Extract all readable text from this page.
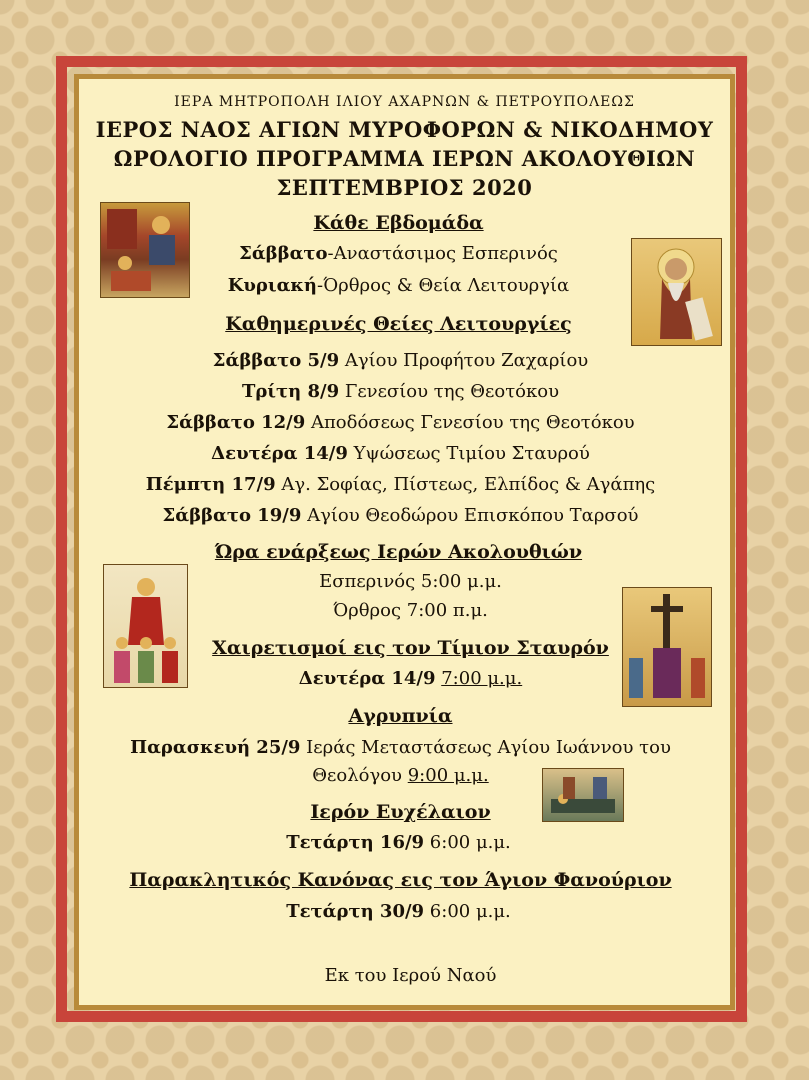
ΙΕΡΑ ΜΗΤΡΟΠΟΛΗ ΙΛΙΟΥ ΑΧΑΡΝΩΝ & ΠΕΤΡΟΥΠΟΛΕΩΣ
ΙΕΡΟΣ ΝΑΟΣ ΑΓΙΩΝ ΜΥΡΟΦΟΡΩΝ & ΝΙΚΟΔΗΜΟΥ
ΩΡΟΛΟΓΙΟ ΠΡΟΓΡΑΜΜΑ ΙΕΡΩΝ ΑΚΟΛΟΥΘΙΩΝ
ΣΕΠΤΕΜΒΡΙΟΣ 2020
Κάθε Εβδομάδα
Σάββατο-Αναστάσιμος Εσπερινός
Κυριακή-Όρθρος & Θεία Λειτουργία
Καθημερινές Θείες Λειτουργίες
Σάββατο 5/9 Αγίου Προφήτου Ζαχαρίου
Τρίτη 8/9 Γενεσίου της Θεοτόκου
Σάββατο 12/9 Αποδόσεως Γενεσίου της Θεοτόκου
Δευτέρα 14/9 Υψώσεως Τιμίου Σταυρού
Πέμπτη 17/9 Αγ. Σοφίας, Πίστεως, Ελπίδος & Αγάπης
Σάββατο 19/9 Αγίου Θεοδώρου Επισκόπου Ταρσού
Ώρα ενάρξεως Ιερών Ακολουθιών
Εσπερινός 5:00 μ.μ.
Όρθρος 7:00 π.μ.
Χαιρετισμοί εις τον Τίμιον Σταυρόν
Δευτέρα 14/9 7:00 μ.μ.
Αγρυπνία
Παρασκευή 25/9 Ιεράς Μεταστάσεως Αγίου Ιωάννου του
Θεολόγου 9:00 μ.μ.
Ιερόν Ευχέλαιον
Τετάρτη 16/9 6:00 μ.μ.
Παρακλητικός Κανόνας εις τον Άγιον Φανούριον
Τετάρτη 30/9 6:00 μ.μ.
Εκ του Ιερού Ναού
